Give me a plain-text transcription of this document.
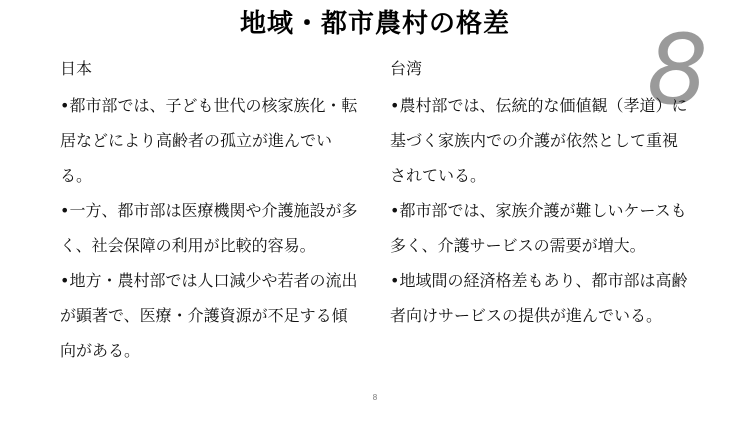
地域・都市農村の格差	8
日本

•都市部では、子ども世代の核家族化・転居などにより高齢者の孤立が進んでいる。

•一方、都市部は医療機関や介護施設が多く、社会保障の利用が比較的容易。

•地方・農村部では人口減少や若者の流出が顕著で、医療・介護資源が不足する傾向がある。

台湾

•農村部では、伝統的な価値観（孝道）に基づく家族内での介護が依然として重視されている。

•都市部では、家族介護が難しいケースも多く、介護サービスの需要が増大。

•地域間の経済格差もあり、都市部は高齢者向けサービスの提供が進んでいる。

8
